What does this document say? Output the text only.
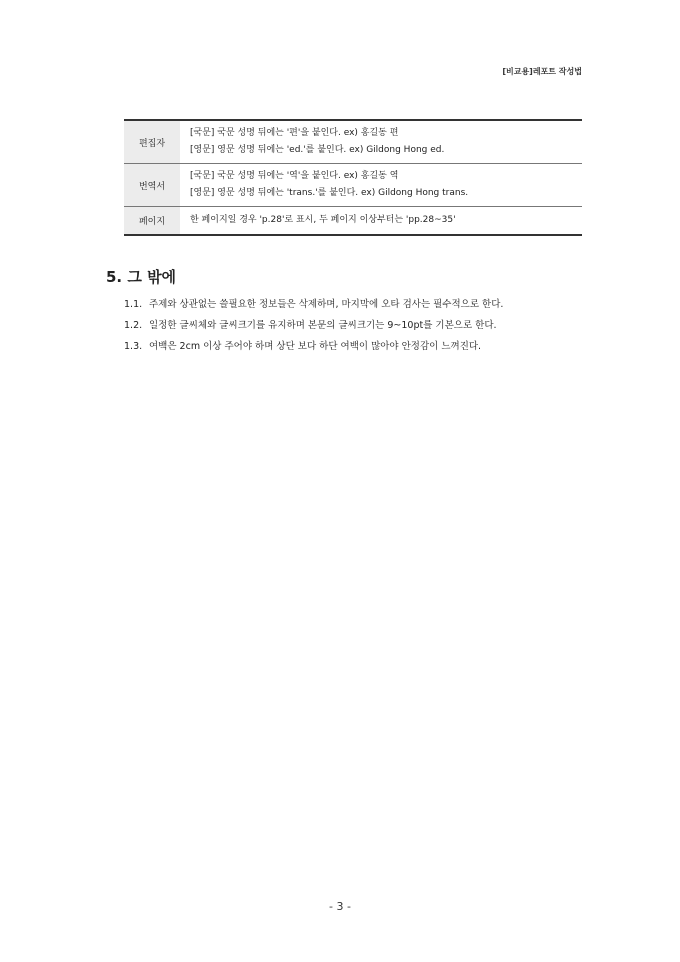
[비교용]레포트 작성법
편집자	[국문] 국문 성명 뒤에는 '편'을 붙인다. ex) 홍길동 편
[영문] 영문 성명 뒤에는 'ed.'를 붙인다. ex) Gildong Hong ed.

번역서	[국문] 국문 성명 뒤에는 '역'을 붙인다. ex) 홍길동 역
[영문] 영문 성명 뒤에는 'trans.'를 붙인다. ex) Gildong Hong trans.

페이지	한 페이지일 경우 'p.28'로 표시, 두 페이지 이상부터는 'pp.28~35'
5. 그 밖에
1.1. 주제와 상관없는 쓸필요한 정보들은 삭제하며, 마지막에 오타 검사는 필수적으로 한다.
1.2. 일정한 글씨체와 글씨크기를 유지하며 본문의 글씨크기는 9~10pt를 기본으로 한다.
1.3. 여백은 2cm 이상 주어야 하며 상단 보다 하단 여백이 많아야 안정감이 느껴진다.
- 3 -
